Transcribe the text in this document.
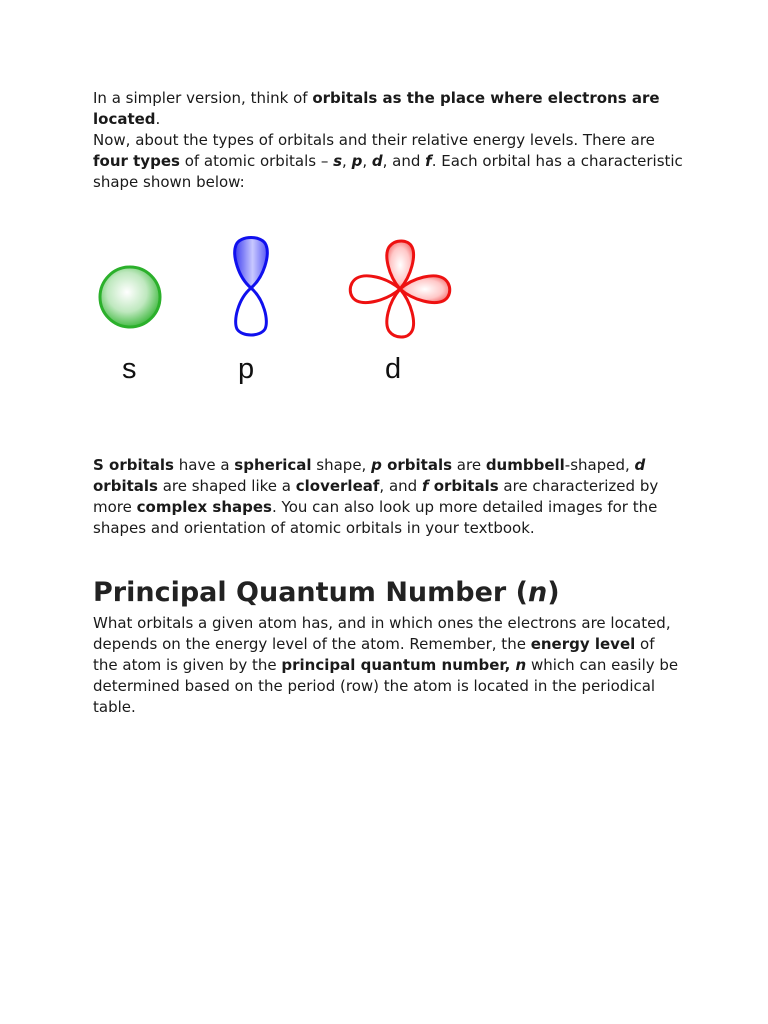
In a simpler version, think of orbitals as the place where electrons are located.
Now, about the types of orbitals and their relative energy levels. There are four types of atomic orbitals – s, p, d, and f. Each orbital has a characteristic shape shown below:

s	p	d

S orbitals have a spherical shape, p orbitals are dumbbell-shaped, d orbitals are shaped like a cloverleaf, and f orbitals are characterized by more complex shapes. You can also look up more detailed images for the shapes and orientation of atomic orbitals in your textbook.

Principal Quantum Number (n)

What orbitals a given atom has, and in which ones the electrons are located, depends on the energy level of the atom. Remember, the energy level of the atom is given by the principal quantum number, n which can easily be determined based on the period (row) the atom is located in the periodical table.
